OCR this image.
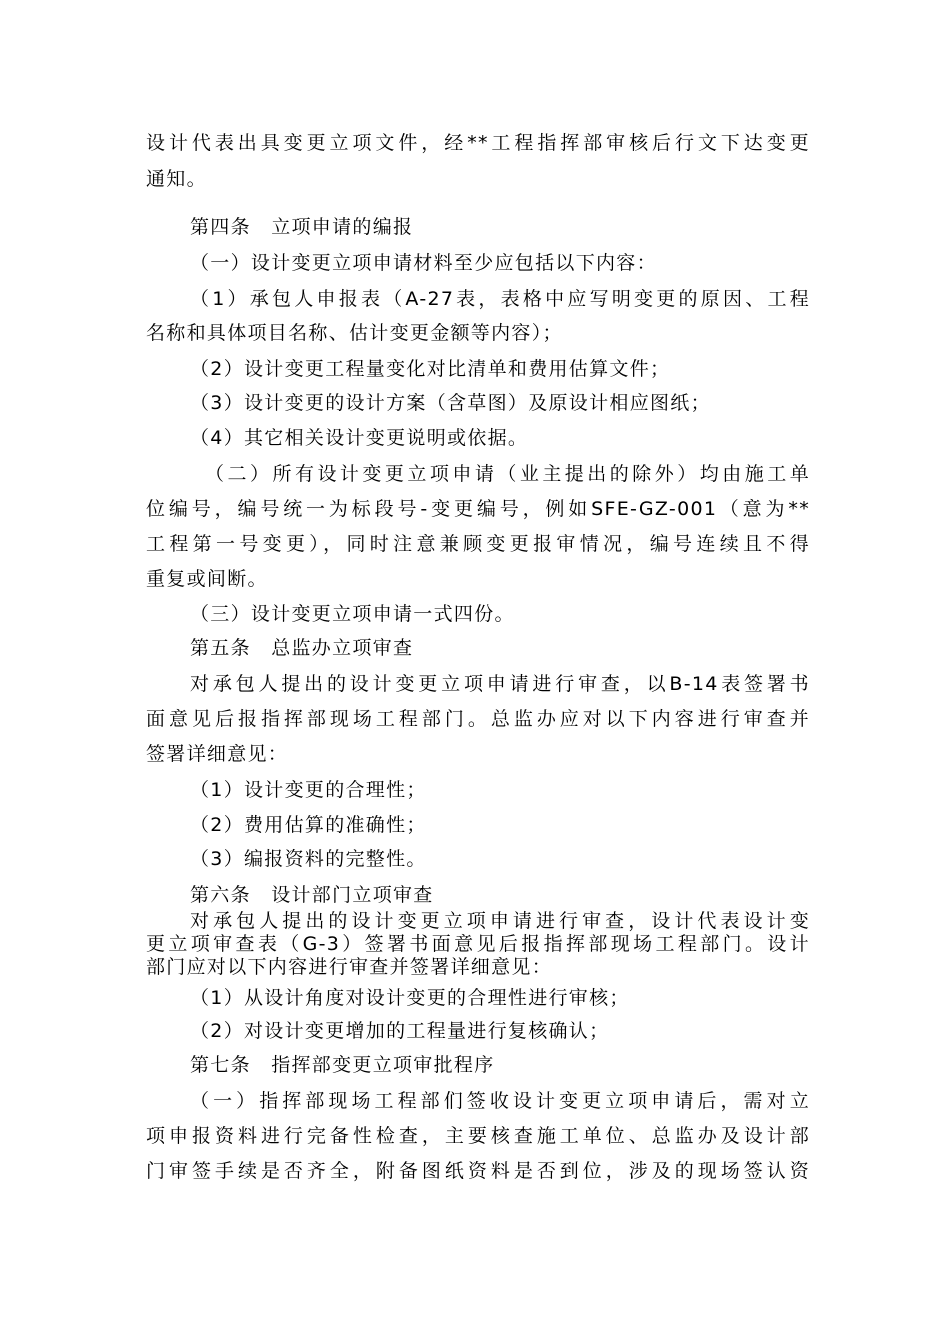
设计代表出具变更立项文件，经**工程指挥部审核后行文下达变更
通知。
第四条　立项申请的编报
（一）设计变更立项申请材料至少应包括以下内容：
（1）承包人申报表（A-27表，表格中应写明变更的原因、工程
名称和具体项目名称、估计变更金额等内容）；
（2）设计变更工程量变化对比清单和费用估算文件；
（3）设计变更的设计方案（含草图）及原设计相应图纸；
（4）其它相关设计变更说明或依据。
（二）所有设计变更立项申请（业主提出的除外）均由施工单
位编号，编号统一为标段号-变更编号，例如SFE-GZ-001（意为**
工程第一号变更），同时注意兼顾变更报审情况，编号连续且不得
重复或间断。
（三）设计变更立项申请一式四份。
第五条　总监办立项审查
对承包人提出的设计变更立项申请进行审查，以B-14表签署书
面意见后报指挥部现场工程部门。总监办应对以下内容进行审查并
签署详细意见：
（1）设计变更的合理性；
（2）费用估算的准确性；
（3）编报资料的完整性。
第六条　设计部门立项审查
对承包人提出的设计变更立项申请进行审查，设计代表设计变
更立项审查表（G-3）签署书面意见后报指挥部现场工程部门。设计
部门应对以下内容进行审查并签署详细意见：
（1）从设计角度对设计变更的合理性进行审核；
（2）对设计变更增加的工程量进行复核确认；
第七条　指挥部变更立项审批程序
（一）指挥部现场工程部们签收设计变更立项申请后，需对立
项申报资料进行完备性检查，主要核查施工单位、总监办及设计部
门审签手续是否齐全，附备图纸资料是否到位，涉及的现场签认资
